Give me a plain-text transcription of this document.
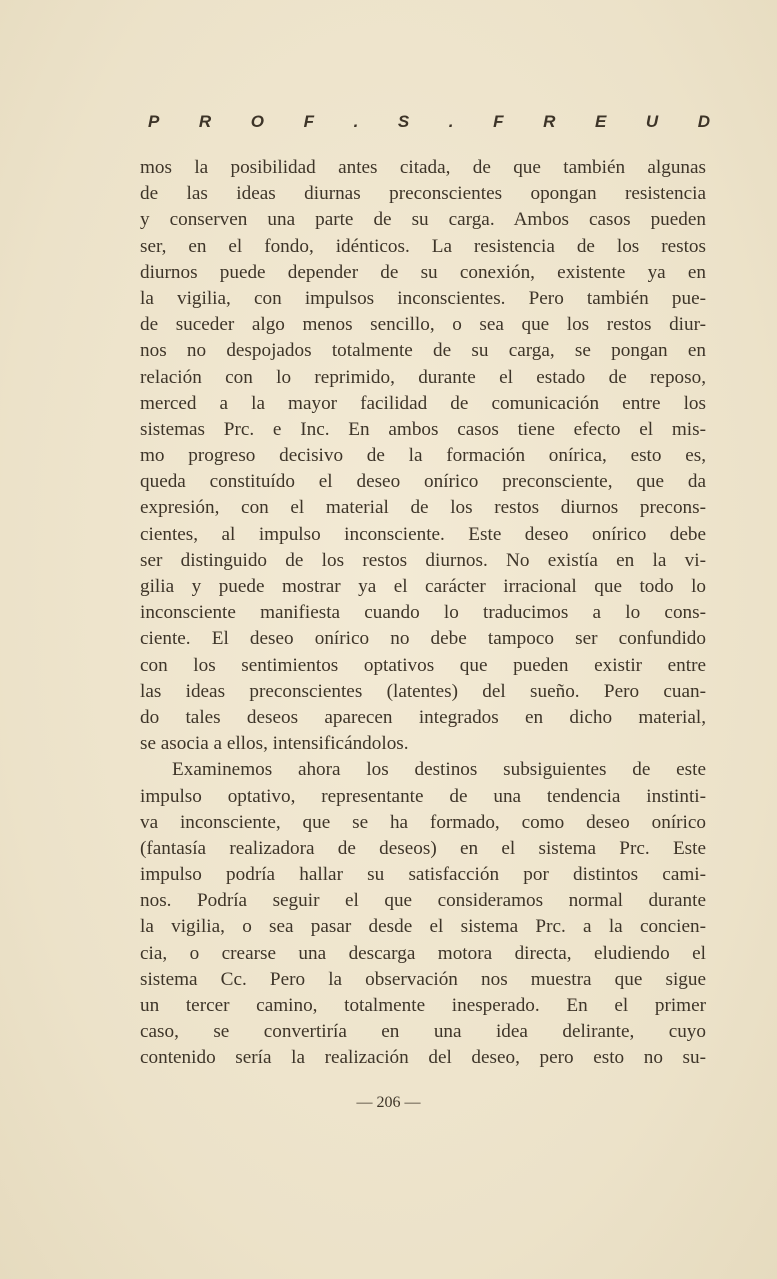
P R O F . S . F R E U D
mos la posibilidad antes citada, de que también algunas
de las ideas diurnas preconscientes opongan resistencia
y conserven una parte de su carga. Ambos casos pueden
ser, en el fondo, idénticos. La resistencia de los restos
diurnos puede depender de su conexión, existente ya en
la vigilia, con impulsos inconscientes. Pero también pue-
de suceder algo menos sencillo, o sea que los restos diur-
nos no despojados totalmente de su carga, se pongan en
relación con lo reprimido, durante el estado de reposo,
merced a la mayor facilidad de comunicación entre los
sistemas Prc. e Inc. En ambos casos tiene efecto el mis-
mo progreso decisivo de la formación onírica, esto es,
queda constituído el deseo onírico preconsciente, que da
expresión, con el material de los restos diurnos precons-
cientes, al impulso inconsciente. Este deseo onírico debe
ser distinguido de los restos diurnos. No existía en la vi-
gilia y puede mostrar ya el carácter irracional que todo lo
inconsciente manifiesta cuando lo traducimos a lo cons-
ciente. El deseo onírico no debe tampoco ser confundido
con los sentimientos optativos que pueden existir entre
las ideas preconscientes (latentes) del sueño. Pero cuan-
do tales deseos aparecen integrados en dicho material,
se asocia a ellos, intensificándolos.
Examinemos ahora los destinos subsiguientes de este
impulso optativo, representante de una tendencia instinti-
va inconsciente, que se ha formado, como deseo onírico
(fantasía realizadora de deseos) en el sistema Prc. Este
impulso podría hallar su satisfacción por distintos cami-
nos. Podría seguir el que consideramos normal durante
la vigilia, o sea pasar desde el sistema Prc. a la concien-
cia, o crearse una descarga motora directa, eludiendo el
sistema Cc. Pero la observación nos muestra que sigue
un tercer camino, totalmente inesperado. En el primer
caso, se convertiría en una idea delirante, cuyo
contenido sería la realización del deseo, pero esto no su-
— 206 —
